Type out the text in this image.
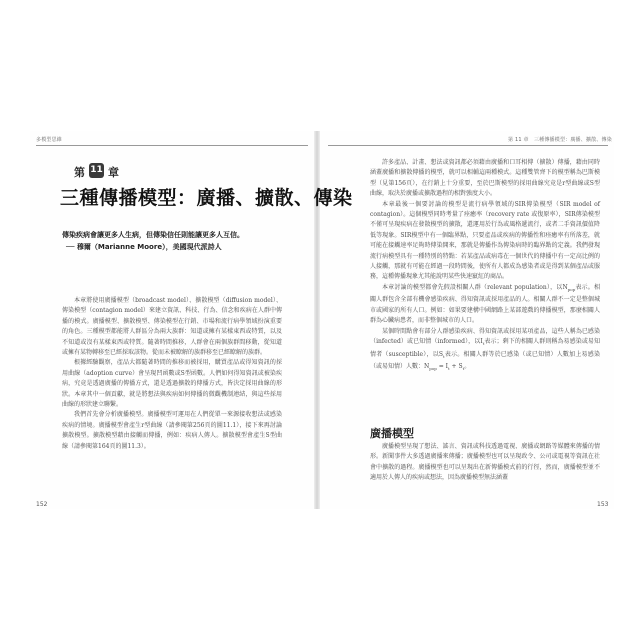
多模型思維
第 11 章
三種傳播模型：廣播、擴散、傳染
傳染疾病會讓更多人生病，但傳染信任則能讓更多人互信。
── 穆爾（Marianne Moore），美國現代派詩人

本章將使用廣播模型（broadcast model）、擴散模型（diffusion model）、傳染模型（contagion model）來建立資訊、科技、行為、信念和疾病在人群中傳播的模式。廣播模型、擴散模型、傳染模型在行銷、市場和流行病學領域扮演重要的角色。三種模型都能將人群區分為兩大族群：知道或擁有某樣東西或特質，以及不知道或沒有某樣東西或特質。隨著時間推移，人群會在兩個族群間移動，從知道或擁有某物轉移至已經採取該物。從而未被瞭解的族群移至已經瞭解的族群。

根據經驗觀察，產品大都隨著時間的推移而被採用，購買產品或得知資訊的採用曲線（adoption curve）會呈現凹函數或S型函數。人們如何得知資訊或被染疾病，究竟是透過廣播的傳播方式，還是透過擴散的傳播方式，皆決定採用曲線的形狀。本章其中一個貢獻，就是將想法與疾病如何傳播的微觀機制連結，與這些採用曲線的形狀建立聯繫。

我們首先會分析廣播模型。廣播模型可運用在人們從單一來源接收想法或感染疾病的情境。廣播模型會產生r型曲線（請參閱第256頁的圖11.1），接下來再討論擴散模型。擴散模型藉由接觸而傳播，例如：疾病人傳人。擴散模型會產生S型曲線（請參閱第164頁的圖11.3）。

152
第 11 章　三種傳播模型：廣播、擴散、傳染

許多產品、計畫、想法或資訊都必須藉由廣播和口耳相傳（擴散）傳播，藉由同時涵蓋廣播和擴散傳播的模型，就可以相輔這兩種模式。這種雙管齊下的模型稱為巴斯模型（見第156頁），在行銷上十分重要，至於巴斯模型的採用曲線究竟是r型曲線或S型曲線，取決於廣播或擴散過程的相對強度大小。

本章最後一個要討論的模型是流行病學領域的SIR傳染模型（SIR model of contagion）。這個模型同時考量了痊癒率（recovery rate 或復原率），SIR傳染模型不僅可呈現疾病在發散模型的擴散，還運用於行為或風格遞流行，或者二手資訊價值降低等現象。SIR模型中有一個臨界點，只要產品或疾病的傳播性和痊癒率有所落差，就可能在接觸速率足夠時傳染開來，那就是傳播作為傳染病時的臨界點的定義。我們發現流行病模型具有一種特別的特點：若某產品或病毒在一個世代的傳播中有一定高比例的人接觸，那就有可能在經過一段時間後，使所有人都成為感染者或是得到某個產品或服務，這種傳播現象尤其能說明某些快速竄紅的商品。

本章討論的模型都會先假設相關人群（relevant population），以$N_{pop}$表示。相關人群包含全部有機會感染疾病、得知資訊或採用產品的人。相關人群不一定是整個城市或國家的所有人口。例如：如果要建構中國網路上某部遊戲的傳播模型，那麼相關人群為心臟病患者，而非整個城市的人口。

某個時間點會有部分人群感染疾病、得知資訊或採用某項產品，這些人稱為已感染（infected）或已知情（informed），以$I_t$表示；剩下的相關人群則稱為易感染或易知情者（susceptible），以$S_t$表示。相關人群等於已感染（或已知情）人數加上易感染（或易知情）人數：$N_{pop} = I_t + S_t$。

廣播模型

廣播模型呈現了想法、謠言、資訊或科技透過電視、廣播或網路等媒體來傳播的情形。新聞事件大多透過廣播來傳播；廣播模型也可以呈現政令、公司或電視等資訊在社會中擴散的過程。廣播模型也可以呈現出在新傳播模式前的行徑，然而，廣播模型並不適用於人傳人的疾病或想法，因為廣播模型無法涵蓋

153
